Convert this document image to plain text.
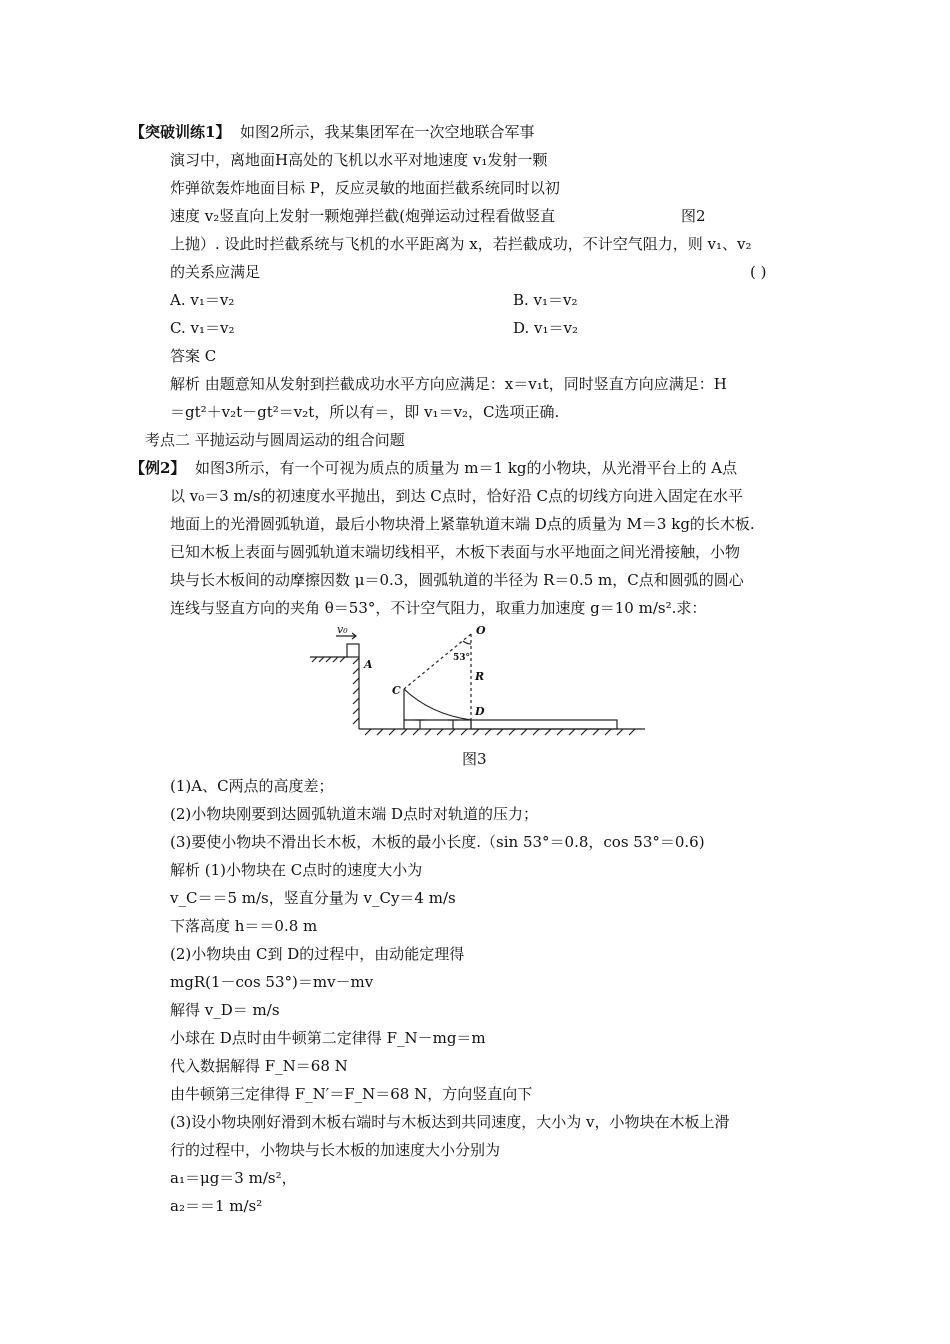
【突破训练1】 如图2所示，我某集团军在一次空地联合军事
演习中，离地面H高处的飞机以水平对地速度 v₁发射一颗
炸弹欲轰炸地面目标 P，反应灵敏的地面拦截系统同时以初
速度 v₂竖直向上发射一颗炮弹拦截(炮弹运动过程看做竖直	图2
上抛）. 设此时拦截系统与飞机的水平距离为 x，若拦截成功，不计空气阻力，则 v₁、v₂
的关系应满足	( )
A. v₁＝v₂	B. v₁＝v₂
C. v₁＝v₂	D. v₁＝v₂
答案 C
解析 由题意知从发射到拦截成功水平方向应满足：x＝v₁t，同时竖直方向应满足：H
＝gt²＋v₂t－gt²＝v₂t，所以有＝，即 v₁＝v₂，C选项正确.
考点二 平抛运动与圆周运动的组合问题
【例2】 如图3所示，有一个可视为质点的质量为 m＝1 kg的小物块，从光滑平台上的 A点
以 v₀＝3 m/s的初速度水平抛出，到达 C点时，恰好沿 C点的切线方向进入固定在水平
地面上的光滑圆弧轨道，最后小物块滑上紧靠轨道末端 D点的质量为 M＝3 kg的长木板.
已知木板上表面与圆弧轨道末端切线相平，木板下表面与水平地面之间光滑接触，小物
块与长木板间的动摩擦因数 μ＝0.3，圆弧轨道的半径为 R＝0.5 m，C点和圆弧的圆心
连线与竖直方向的夹角 θ＝53°，不计空气阻力，取重力加速度 g＝10 m/s².求：
v₀	O
53°
A
C
R
D
图3
(1)A、C两点的高度差；
(2)小物块刚要到达圆弧轨道末端 D点时对轨道的压力；
(3)要使小物块不滑出长木板，木板的最小长度.（sin 53°＝0.8，cos 53°＝0.6)
解析 (1)小物块在 C点时的速度大小为
v_C＝＝5 m/s，竖直分量为 v_Cy＝4 m/s
下落高度 h＝＝0.8 m
(2)小物块由 C到 D的过程中，由动能定理得
mgR(1－cos 53°)＝mv－mv
解得 v_D＝ m/s
小球在 D点时由牛顿第二定律得 F_N－mg＝m
代入数据解得 F_N＝68 N
由牛顿第三定律得 F_N′＝F_N＝68 N，方向竖直向下
(3)设小物块刚好滑到木板右端时与木板达到共同速度，大小为 v，小物块在木板上滑
行的过程中，小物块与长木板的加速度大小分别为
a₁＝μg＝3 m/s²，
a₂＝＝1 m/s²
